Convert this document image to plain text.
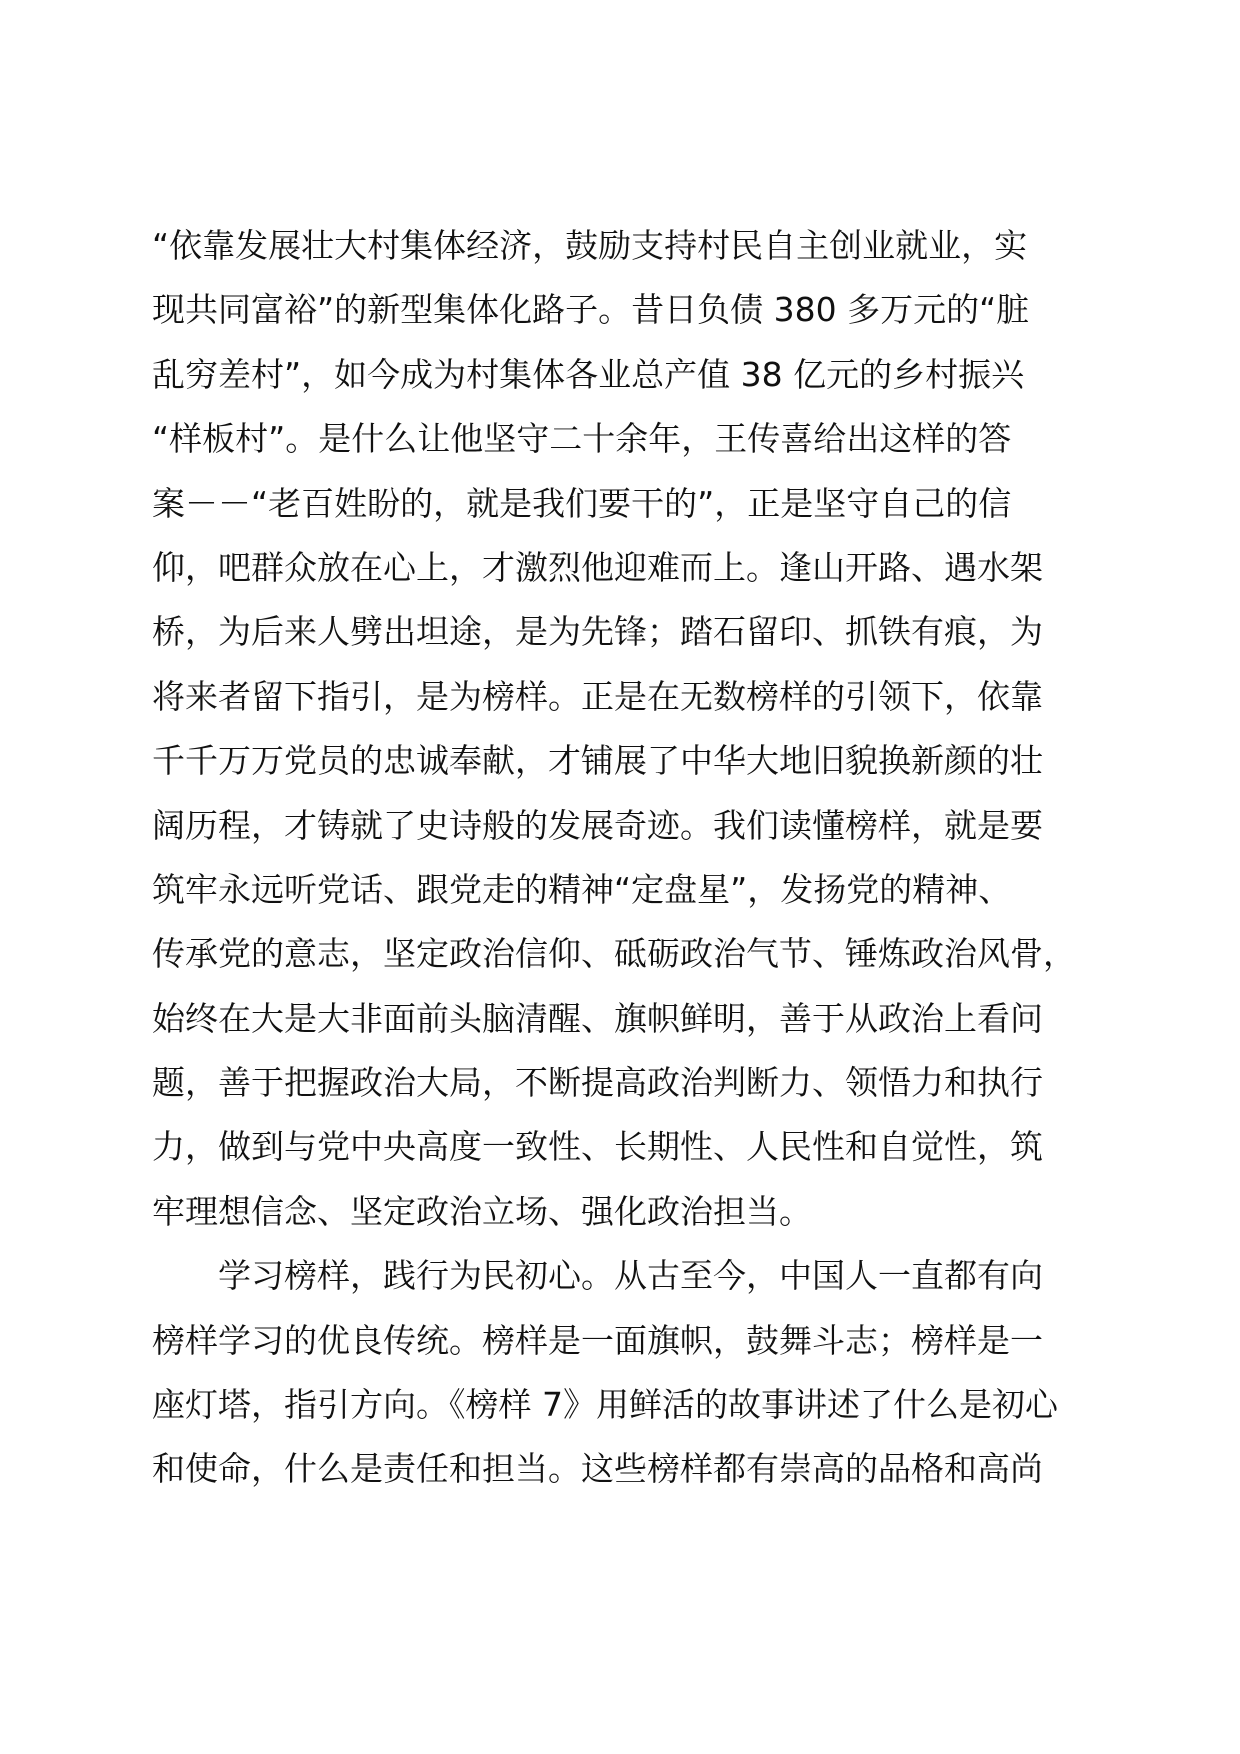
“依靠发展壮大村集体经济，鼓励支持村民自主创业就业，实
现共同富裕”的新型集体化路子。昔日负债 380 多万元的“脏
乱穷差村”，如今成为村集体各业总产值 38 亿元的乡村振兴
“样板村”。是什么让他坚守二十余年，王传喜给出这样的答
案－－“老百姓盼的，就是我们要干的”，正是坚守自己的信
仰，吧群众放在心上，才激烈他迎难而上。逢山开路、遇水架
桥，为后来人劈出坦途，是为先锋；踏石留印、抓铁有痕，为
将来者留下指引，是为榜样。正是在无数榜样的引领下，依靠
千千万万党员的忠诚奉献，才铺展了中华大地旧貌换新颜的壮
阔历程，才铸就了史诗般的发展奇迹。我们读懂榜样，就是要
筑牢永远听党话、跟党走的精神“定盘星”，发扬党的精神、
传承党的意志，坚定政治信仰、砥砺政治气节、锤炼政治风骨，
始终在大是大非面前头脑清醒、旗帜鲜明，善于从政治上看问
题，善于把握政治大局，不断提高政治判断力、领悟力和执行
力，做到与党中央高度一致性、长期性、人民性和自觉性，筑
牢理想信念、坚定政治立场、强化政治担当。
学习榜样，践行为民初心。从古至今，中国人一直都有向
榜样学习的优良传统。榜样是一面旗帜，鼓舞斗志；榜样是一
座灯塔，指引方向。《榜样 7》用鲜活的故事讲述了什么是初心
和使命，什么是责任和担当。这些榜样都有崇高的品格和高尚
